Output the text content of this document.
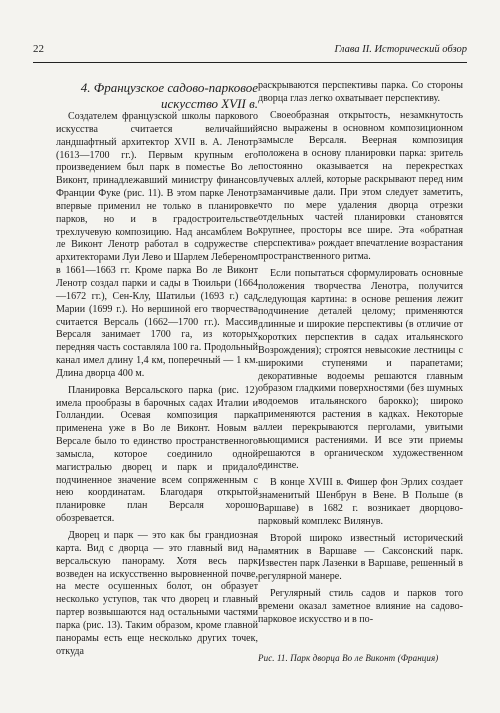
22	Глава II. Исторический обзор

4. Французское садово-парковое искусство XVII в.

Создателем французской школы паркового искусства считается величайший ландшафтный архитектор XVII в. А. Ленотр (1613—1700 гг.). Первым крупным его произведением был парк в поместье Во ле Виконт, принадлежавший министру финансов Франции Фуке (рис. 11). В этом парке Ленотр впервые применил не только в планировке парков, но и в градостроительстве трехлучевую композицию. Над ансамблем Во ле Виконт Ленотр работал в содружестве с архитекторами Луи Лево и Шарлем Лебереном в 1661—1663 гг. Кроме парка Во ле Виконт Ленотр создал парки и сады в Тюильри (1664—1672 гг.), Сен-Клу, Шатильи (1693 г.) сад Марии (1699 г.). Но вершиной его творчества считается Версаль (1662—1700 гг.). Массив Версаля занимает 1700 га, из которых передняя часть составляла 100 га. Продольный канал имел длину 1,4 км, поперечный — 1 км. Длина дворца 400 м.

Планировка Версальского парка (рис. 12) имела прообразы в барочных садах Италии и Голландии. Осевая композиция парка применена уже в Во ле Виконт. Новым в Версале было то единство пространственного замысла, которое соединило одной магистралью дворец и парк и придало подчиненное значение всем сопряженным с нею координатам. Благодаря открытой планировке план Версаля хорошо обозревается.

Дворец и парк — это как бы грандиозная карта. Вид с дворца — это главный вид на версальскую панораму. Хотя весь парк возведен на искусственно выровненной почве, на месте осушенных болот, он образует несколько уступов, так что дворец и главный партер возвышаются над остальными частями парка (рис. 13). Таким образом, кроме главной панорамы есть еще несколько других точек, откуда

раскрываются перспективы парка. Со стороны дворца глаз легко охватывает перспективу.

Своеобразная открытость, незамкнутость ясно выражены в основном композиционном замысле Версаля. Веерная композиция положена в основу планировки парка: зритель постоянно оказывается на перекрестках лучевых аллей, которые раскрывают перед ним заманчивые дали. При этом следует заметить, что по мере удаления дворца отрезки отдельных частей планировки становятся крупнее, просторы все шире. Эта «обратная перспектива» рождает впечатление возрастания пространственного ритма.

Если попытаться сформулировать основные положения творчества Ленотра, получится следующая картина: в основе решения лежит подчинение деталей целому; применяются длинные и широкие перспективы (в отличие от коротких перспектив в садах итальянского Возрождения); строятся невысокие лестницы с широкими ступенями и парапетами; декоративные водоемы решаются главным образом гладкими поверхностями (без шумных водоемов итальянского барокко); широко применяются растения в кадках. Некоторые аллеи перекрываются перголами, увитыми вьющимися растениями. И все эти приемы решаются в органическом художественном единстве.

В конце XVIII в. Фишер фон Эрлих создает знаменитый Шенбрун в Вене. В Польше (в Варшаве) в 1682 г. возникает дворцово-парковый комплекс Вилянув.

Второй широко известный исторический памятник в Варшаве — Саксонский парк. Известен парк Лазенки в Варшаве, решенный в регулярной манере.

Регулярный стиль садов и парков того времени оказал заметное влияние на садово-парковое искусство и в по-

Рис. 11. Парк дворца Во ле Виконт (Франция)
